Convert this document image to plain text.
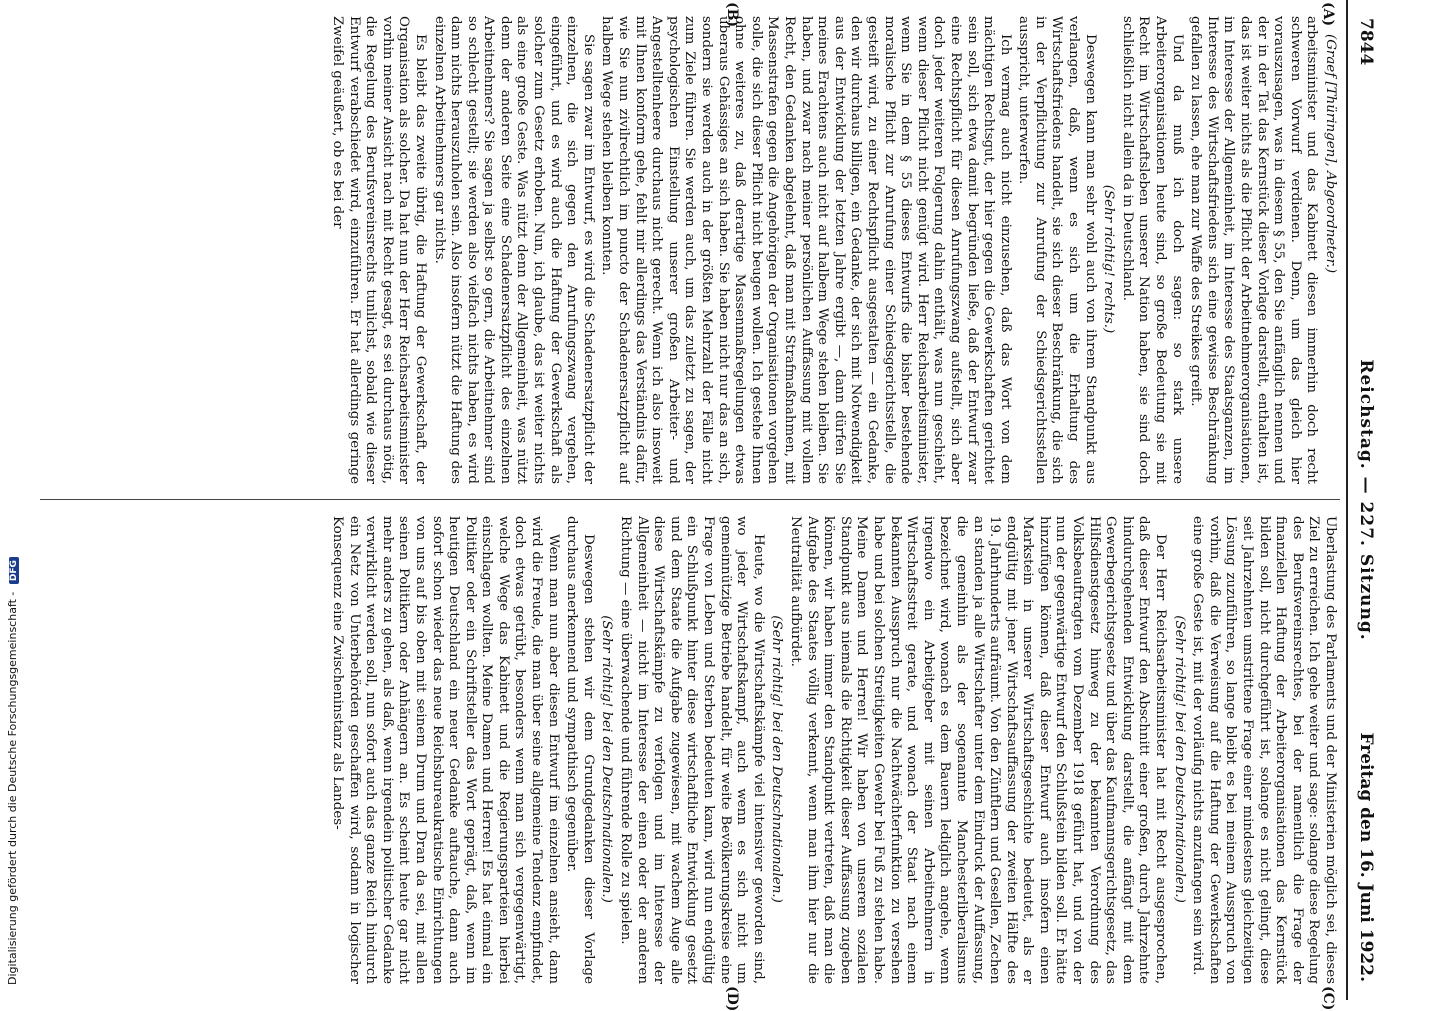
7844
Reichstag. — 227. Sitzung.
Freitag den 16. Juni 1922.
(A)
(B)
(C)
(D)

(Graef [Thüringen], Abgeordneter.)

arbeitsminister und das Kabinett diesen immerhin doch recht schweren Vorwurf verdienen. Denn, um das gleich hier vorauszusagen, was in diesem § 55, den Sie anfänglich nennen und der in der Tat das Kernstück dieser Vorlage darstellt, enthalten ist, das ist weiter nichts als die Pflicht der Arbeitnehmerorganisationen, im Interesse der Allgemeinheit, im Interesse des Staatsganzen, im Interesse des Wirtschaftsfriedens sich eine gewisse Beschränkung gefallen zu lassen, ehe man zur Waffe des Streikes greift.

Und da muß ich doch sagen: so stark unsere Arbeiterorganisationen heute sind, so große Bedeutung sie mit Recht im Wirtschaftsleben unserer Nation haben, sie sind doch schließlich nicht allein da in Deutschland.

(Sehr richtig! rechts.)

Deswegen kann man sehr wohl auch von ihrem Standpunkt aus verlangen, daß, wenn es sich um die Erhaltung des Wirtschaftsfriedens handelt, sie sich dieser Beschränkung, die sich in der Verpflichtung zur Anrufung der Schiedsgerichtsstellen ausspricht, unterwerfen.

Ich vermag auch nicht einzusehen, daß das Wort von dem mächtigen Rechtsgut, der hier gegen die Gewerkschaften gerichtet sein soll, sich etwa damit begründen ließe, daß der Entwurf zwar eine Rechtspflicht für diesen Anrufungszwang aufstellt, sich aber doch jeder weiteren Folgerung dahin enthält, was nun geschieht, wenn dieser Pflicht nicht genügt wird. Herr Reichsarbeitsminister, wenn Sie in dem § 55 dieses Entwurfs die bisher bestehende moralische Pflicht zur Anrufung einer Schiedsgerichtsstelle, die gesteift wird, zu einer Rechtspflicht ausgestalten — ein Gedanke, den wir durchaus billigen, ein Gedanke, der sich mit Notwendigkeit aus der Entwicklung der letzten Jahre ergibt —, dann dürfen Sie meines Erachtens auch nicht auf halbem Wege stehen bleiben. Sie haben, und zwar nach meiner persönlichen Auffassung mit vollem Recht, den Gedanken abgelehnt, daß man mit Strafmaßnahmen, mit Massenstrafen gegen die Angehörigen der Organisationen vorgehen solle, die sich dieser Pflicht nicht beugen wollen. Ich gestehe Ihnen ohne weiteres zu, daß derartige Massenmaßregelungen etwas überaus Gehässiges an sich haben. Sie haben nicht nur das an sich, sondern sie werden auch in der größten Mehrzahl der Fälle nicht zum Ziele führen. Sie werden auch, um das zuletzt zu sagen, der psychologischen Einstellung unserer großen Arbeiter- und Angestelltenheere durchaus nicht gerecht. Wenn ich also insoweit mit Ihnen konform gehe, fehlt mir allerdings das Verständnis dafür, wie Sie nun zivilrechtlich im puncto der Schadenersatzpflicht auf halbem Wege stehen bleiben konnten.

Sie sagen zwar im Entwurf, es wird die Schadenersatzpflicht der einzelnen, die sich gegen den Anrufungszwang vergehen, eingeführt, und es wird auch die Haftung der Gewerkschaft als solcher zum Gesetz erhoben. Nun, ich glaube, das ist weiter nichts als eine große Geste. Was nützt denn der Allgemeinheit, was nützt denn der anderen Seite eine Schadenersatzpflicht des einzelnen Arbeitnehmers? Sie sagen ja selbst so gern, die Arbeitnehmer sind so schlecht gestellt; sie werden also vielfach nichts haben, es wird dann nichts herauszuholen sein. Also insofern nützt die Haftung des einzelnen Arbeitnehmers gar nichts.

Es bleibt das zweite übrig, die Haftung der Gewerkschaft, der Organisation als solcher. Da hat nun der Herr Reichsarbeitsminister vorhin meiner Ansicht nach mit Recht gesagt, es sei durchaus nötig, die Regelung des Berufsvereinsrechts tunlichst, sobald wie dieser Entwurf verabschiedet wird, einzuführen. Er hat allerdings geringe Zweifel geäußert, ob es bei der

Überlastung des Parlaments und der Ministerien möglich sei, dieses Ziel zu erreichen. Ich gehe weiter und sage: solange diese Regelung des Berufsvereinsrechtes, bei der namentlich die Frage der finanziellen Haftung der Arbeiterorganisationen das Kernstück bilden soll, nicht durchgeführt ist, solange es nicht gelingt, diese seit Jahrzehnten umstrittene Frage einer mindestens gleichzeitigen Lösung zuzuführen, so lange bleibt es bei meinem Ausspruch von vorhin, daß die Verweisung auf die Haftung der Gewerkschaften eine große Geste ist, mit der vorläufig nichts anzufangen sein wird.

(Sehr richtig! bei den Deutschnationalen.)

Der Herr Reichsarbeitsminister hat mit Recht ausgesprochen, daß dieser Entwurf den Abschnitt einer großen, durch Jahrzehnte hindurchgehenden Entwicklung darstellt, die anfängt mit dem Gewerbegerichtsgesetz und über das Kaufmannsgerichtsgesetz, das Hilfsdienstgesetz hinweg zu der bekannten Verordnung des Volksbeauftragten vom Dezember 1918 geführt hat, und von der nun der gegenwärtige Entwurf den Schlußstein bilden soll. Er hätte hinzufügen können, daß dieser Entwurf auch insofern einen Markstein in unserer Wirtschaftsgeschichte bedeutet, als er endgültig mit jener Wirtschaftsauffassung der zweiten Hälfte des 19. Jahrhunderts aufräumt. Von den Zünftlern und Gesellen, Zechen an standen ja alle Wirtschafter unter dem Eindruck der Auffassung, die gemeinhin als der sogenannte Manchesterliberalismus bezeichnet wird, wonach es dem Bauern lediglich angehe, wenn irgendwo ein Arbeitgeber mit seinen Arbeitnehmern in Wirtschaftsstreit gerate, und wonach der Staat nach einem bekannten Ausspruch nur die Nachtwächterfunktion zu versehen habe und bei solchen Streitigkeiten Gewehr bei Fuß zu stehen habe. Meine Damen und Herren! Wir haben von unserem sozialen Standpunkt aus niemals die Richtigkeit dieser Auffassung zugeben können, wir haben immer den Standpunkt vertreten, daß man die Aufgabe des Staates völlig verkennt, wenn man ihm hier nur die Neutralität aufbürdet.

(Sehr richtig! bei den Deutschnationalen.)

Heute, wo die Wirtschaftskämpfe viel intensiver geworden sind, wo jeder Wirtschaftskampf, auch wenn es sich nicht um gemeinnützige Betriebe handelt, für weite Bevölkerungskreise eine Frage von Leben und Sterben bedeuten kann, wird nun endgültig ein Schlußpunkt hinter diese wirtschaftliche Entwicklung gesetzt und dem Staate die Aufgabe zugewiesen, mit wachem Auge alle diese Wirtschaftskämpfe zu verfolgen und im Interesse der Allgemeinheit — nicht im Interesse der einen oder der anderen Richtung — eine überwachende und führende Rolle zu spielen.

(Sehr richtig! bei den Deutschnationalen.)

Deswegen stehen wir dem Grundgedanken dieser Vorlage durchaus anerkennend und sympathisch gegenüber.

Wenn man nun aber diesen Entwurf im einzelnen ansieht, dann wird die Freude, die man über seine allgemeine Tendenz empfindet, doch etwas getrübt, besonders wenn man sich vergegenwärtigt, welche Wege das Kabinett und die Regierungsparteien hierbei einschlagen wollten. Meine Damen und Herren! Es hat einmal ein Politiker oder ein Schriftsteller das Wort geprägt, daß, wenn im heutigen Deutschland ein neuer Gedanke auftauche, dann auch sofort schon wieder das neue Reichsbureaukratische Einrichtungen von uns auf bis oben mit seinem Drum und Dran da sei, mit allen seinen Politikern oder Anhängern an. Es scheint heute gar nicht mehr anders zu gehen, als daß, wenn irgendein politischer Gedanke verwirklicht werden soll, nun sofort auch das ganze Reich hindurch ein Netz von Unterbehörden geschaffen wird, sodann in logischer Konsequenz eine Zwischeninstanz als Landes-

Digitalisierung gefördert durch die Deutsche Forschungsgemeinschaft - DFG
